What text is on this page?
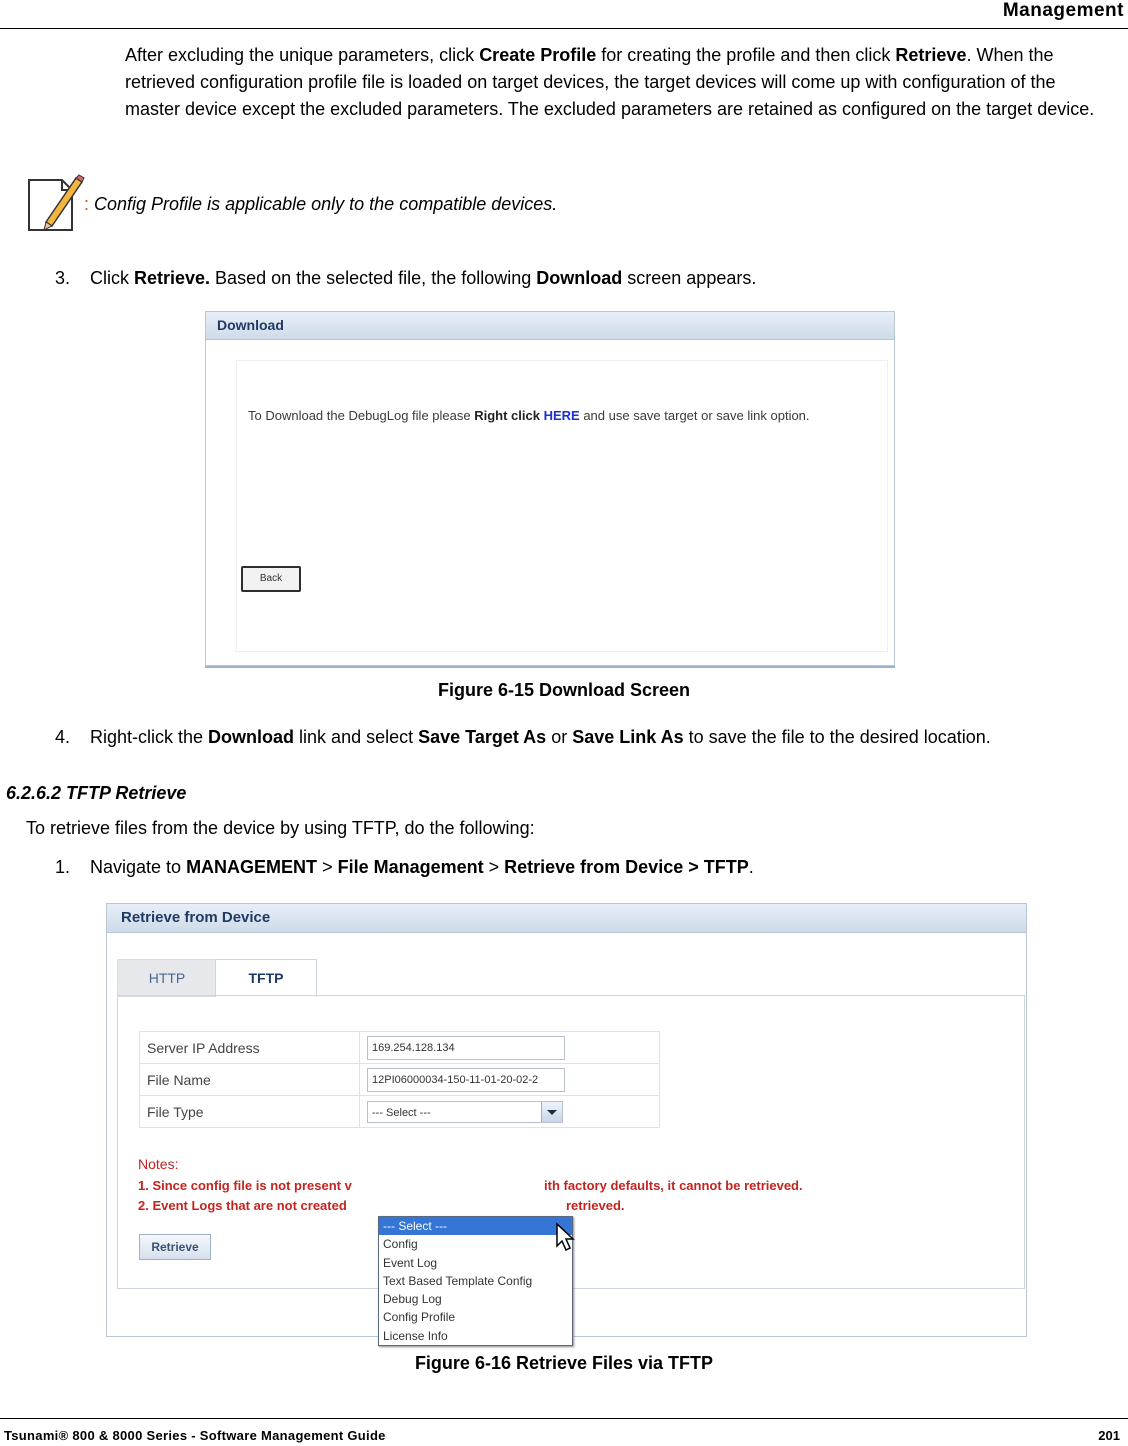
Management
After excluding the unique parameters, click Create Profile for creating the profile and then click Retrieve. When the retrieved configuration profile file is loaded on target devices, the target devices will come up with configuration of the master device except the excluded parameters. The excluded parameters are retained as configured on the target device.
: Config Profile is applicable only to the compatible devices.
3. Click Retrieve. Based on the selected file, the following Download screen appears.
Download
To Download the DebugLog file please Right click HERE and use save target or save link option.
Back
Figure 6-15 Download Screen
4. Right-click the Download link and select Save Target As or Save Link As to save the file to the desired location.
6.2.6.2 TFTP Retrieve
To retrieve files from the device by using TFTP, do the following:
1. Navigate to MANAGEMENT > File Management > Retrieve from Device > TFTP.
Retrieve from Device
HTTP	TFTP
Server IP Address	169.254.128.134

File Name	12PI06000034-150-11-01-20-02-2

File Type	--- Select ---
Notes:
1. Since config file is not present v	ith factory defaults, it cannot be retrieved.
2. Event Logs that are not created	retrieved.
Retrieve
--- Select ---
Config
Event Log
Text Based Template Config
Debug Log
Config Profile
License Info
Figure 6-16 Retrieve Files via TFTP
Tsunami® 800 & 8000 Series - Software Management Guide	201
